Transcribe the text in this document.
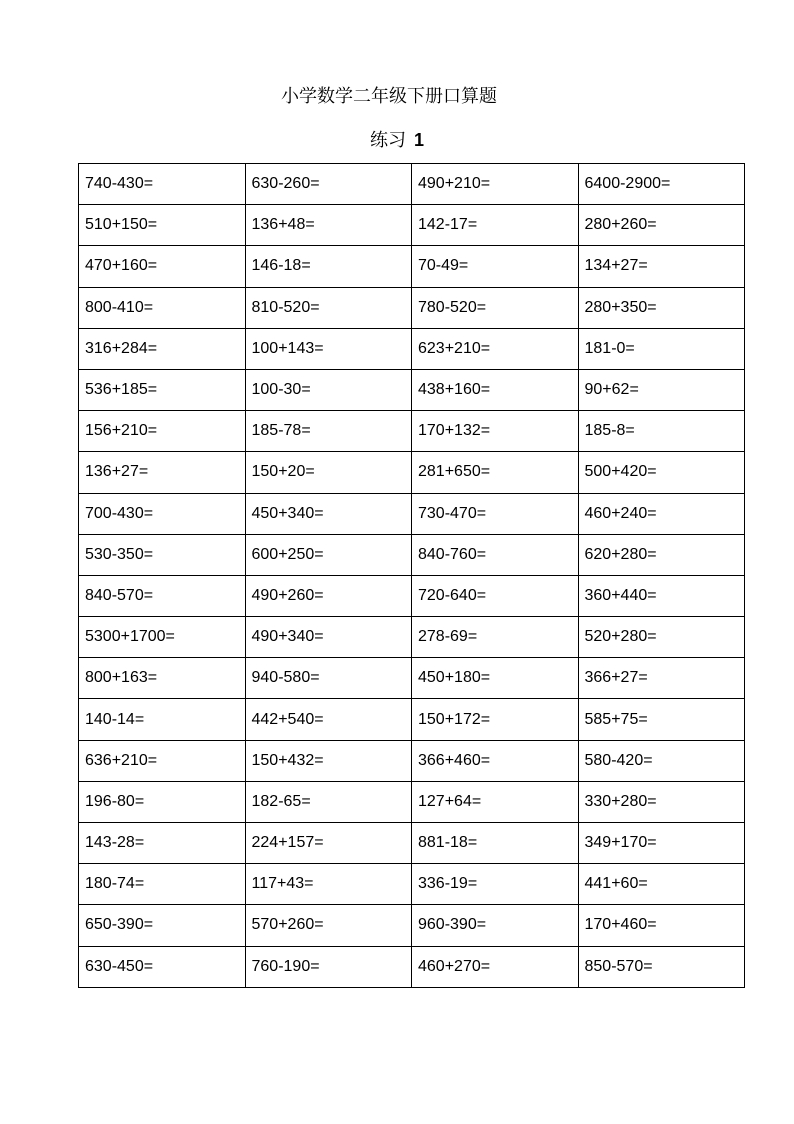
小学数学二年级下册口算题
练习 1
740-430=	630-260=	490+210=	6400-2900=
510+150=	136+48=	142-17=	280+260=
470+160=	146-18=	70-49=	134+27=
800-410=	810-520=	780-520=	280+350=
316+284=	100+143=	623+210=	181-0=
536+185=	100-30=	438+160=	90+62=
156+210=	185-78=	170+132=	185-8=
136+27=	150+20=	281+650=	500+420=
700-430=	450+340=	730-470=	460+240=
530-350=	600+250=	840-760=	620+280=
840-570=	490+260=	720-640=	360+440=
5300+1700=	490+340=	278-69=	520+280=
800+163=	940-580=	450+180=	366+27=
140-14=	442+540=	150+172=	585+75=
636+210=	150+432=	366+460=	580-420=
196-80=	182-65=	127+64=	330+280=
143-28=	224+157=	881-18=	349+170=
180-74=	117+43=	336-19=	441+60=
650-390=	570+260=	960-390=	170+460=
630-450=	760-190=	460+270=	850-570=
